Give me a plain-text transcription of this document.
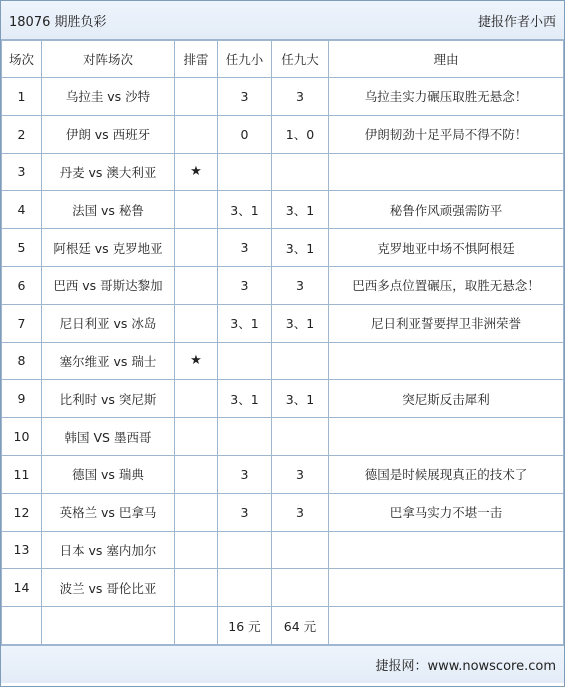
18076 期胜负彩	捷报作者小西
场次	对阵场次	排雷	任九小	任九大	理由
1	乌拉圭 vs 沙特		3	3	乌拉圭实力碾压取胜无悬念！
2	伊朗 vs 西班牙		0	1、0	伊朗韧劲十足平局不得不防！
3	丹麦 vs 澳大利亚	★			
4	法国 vs 秘鲁		3、1	3、1	秘鲁作风顽强需防平
5	阿根廷 vs 克罗地亚		3	3、1	克罗地亚中场不惧阿根廷
6	巴西 vs 哥斯达黎加		3	3	巴西多点位置碾压，取胜无悬念！
7	尼日利亚 vs 冰岛		3、1	3、1	尼日利亚誓要捍卫非洲荣誉
8	塞尔维亚 vs 瑞士	★			
9	比利时 vs 突尼斯		3、1	3、1	突尼斯反击犀利
10	韩国 VS 墨西哥				
11	德国 vs 瑞典		3	3	德国是时候展现真正的技术了
12	英格兰 vs 巴拿马		3	3	巴拿马实力不堪一击
13	日本 vs 塞内加尔				
14	波兰 vs 哥伦比亚				
			16 元	64 元	
捷报网：www.nowscore.com
